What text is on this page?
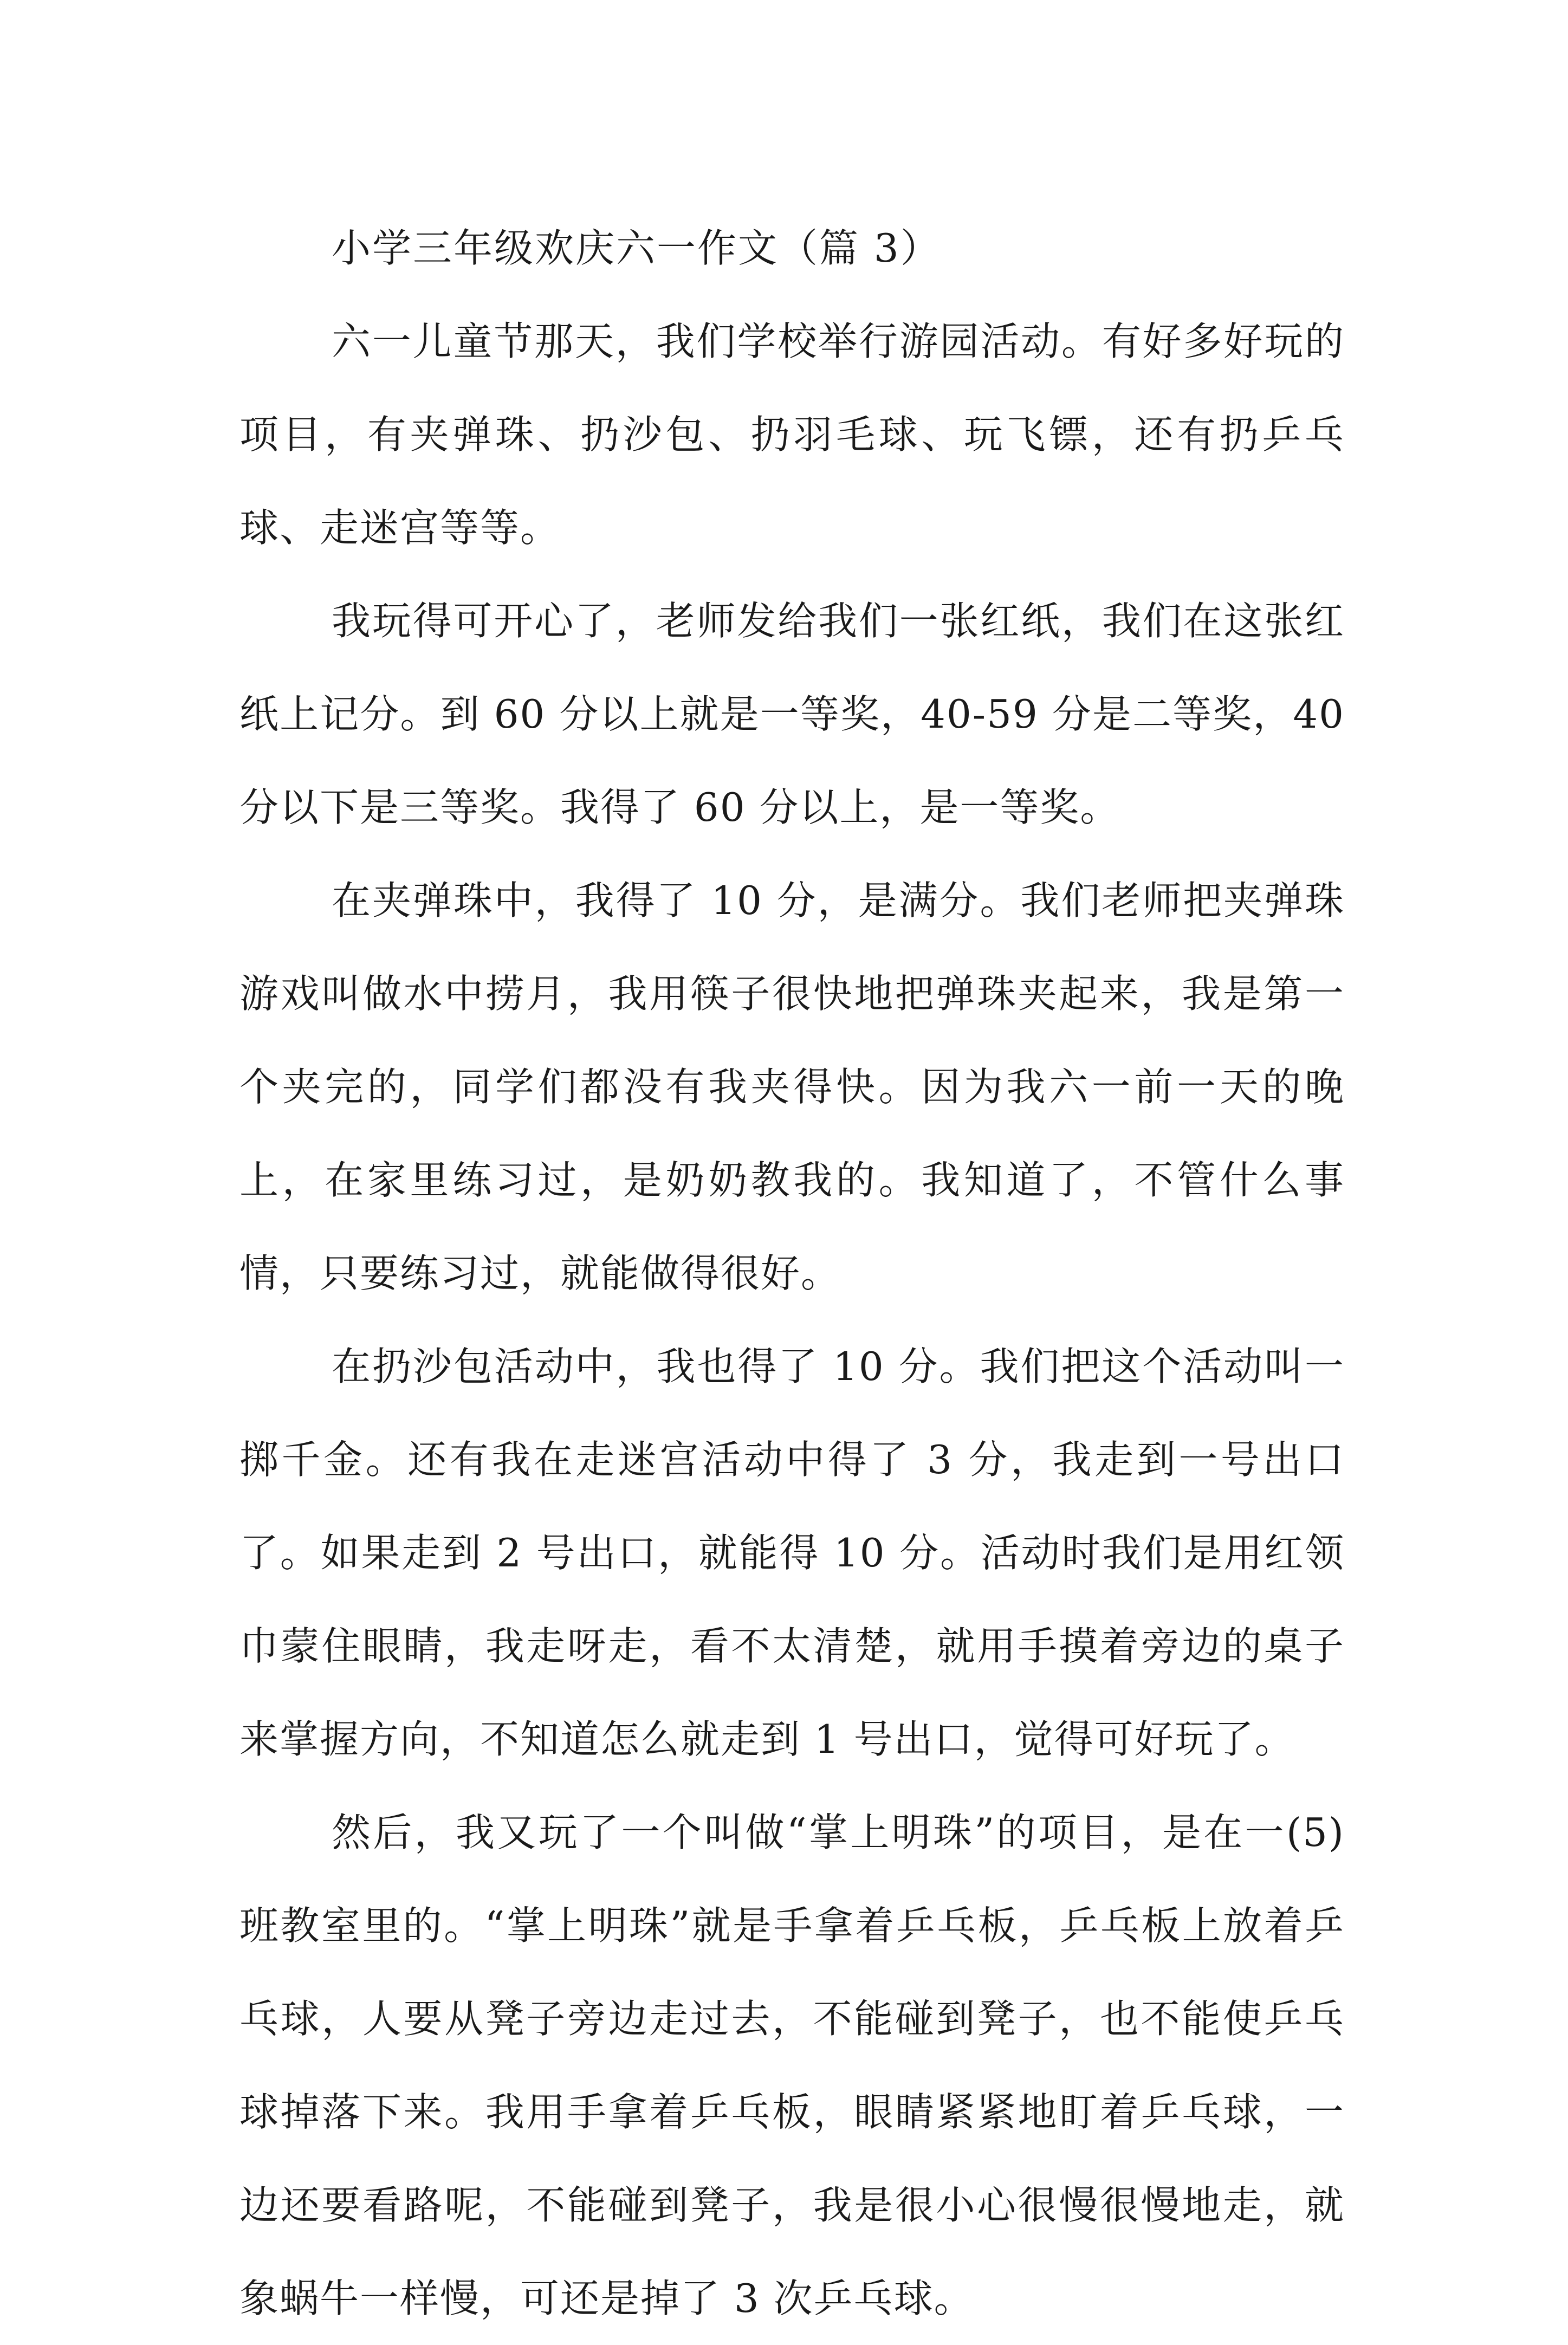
小学三年级欢庆六一作文（篇 3）

六一儿童节那天，我们学校举行游园活动。有好多好玩的项目，有夹弹珠、扔沙包、扔羽毛球、玩飞镖，还有扔乒乓球、走迷宫等等。

我玩得可开心了，老师发给我们一张红纸，我们在这张红纸上记分。到 60 分以上就是一等奖，40-59 分是二等奖，40 分以下是三等奖。我得了 60 分以上，是一等奖。

在夹弹珠中，我得了 10 分，是满分。我们老师把夹弹珠游戏叫做水中捞月，我用筷子很快地把弹珠夹起来，我是第一个夹完的，同学们都没有我夹得快。因为我六一前一天的晚上，在家里练习过，是奶奶教我的。我知道了，不管什么事情，只要练习过，就能做得很好。

在扔沙包活动中，我也得了 10 分。我们把这个活动叫一掷千金。还有我在走迷宫活动中得了 3 分，我走到一号出口了。如果走到 2 号出口，就能得 10 分。活动时我们是用红领巾蒙住眼睛，我走呀走，看不太清楚，就用手摸着旁边的桌子来掌握方向，不知道怎么就走到 1 号出口，觉得可好玩了。

然后，我又玩了一个叫做“掌上明珠”的项目，是在一(5)班教室里的。“掌上明珠”就是手拿着乒乓板，乒乓板上放着乒乓球，人要从凳子旁边走过去，不能碰到凳子，也不能使乒乓球掉落下来。我用手拿着乒乓板，眼睛紧紧地盯着乒乓球，一边还要看路呢，不能碰到凳子，我是很小心很慢很慢地走，就象蜗牛一样慢，可还是掉了 3 次乒乓球。
